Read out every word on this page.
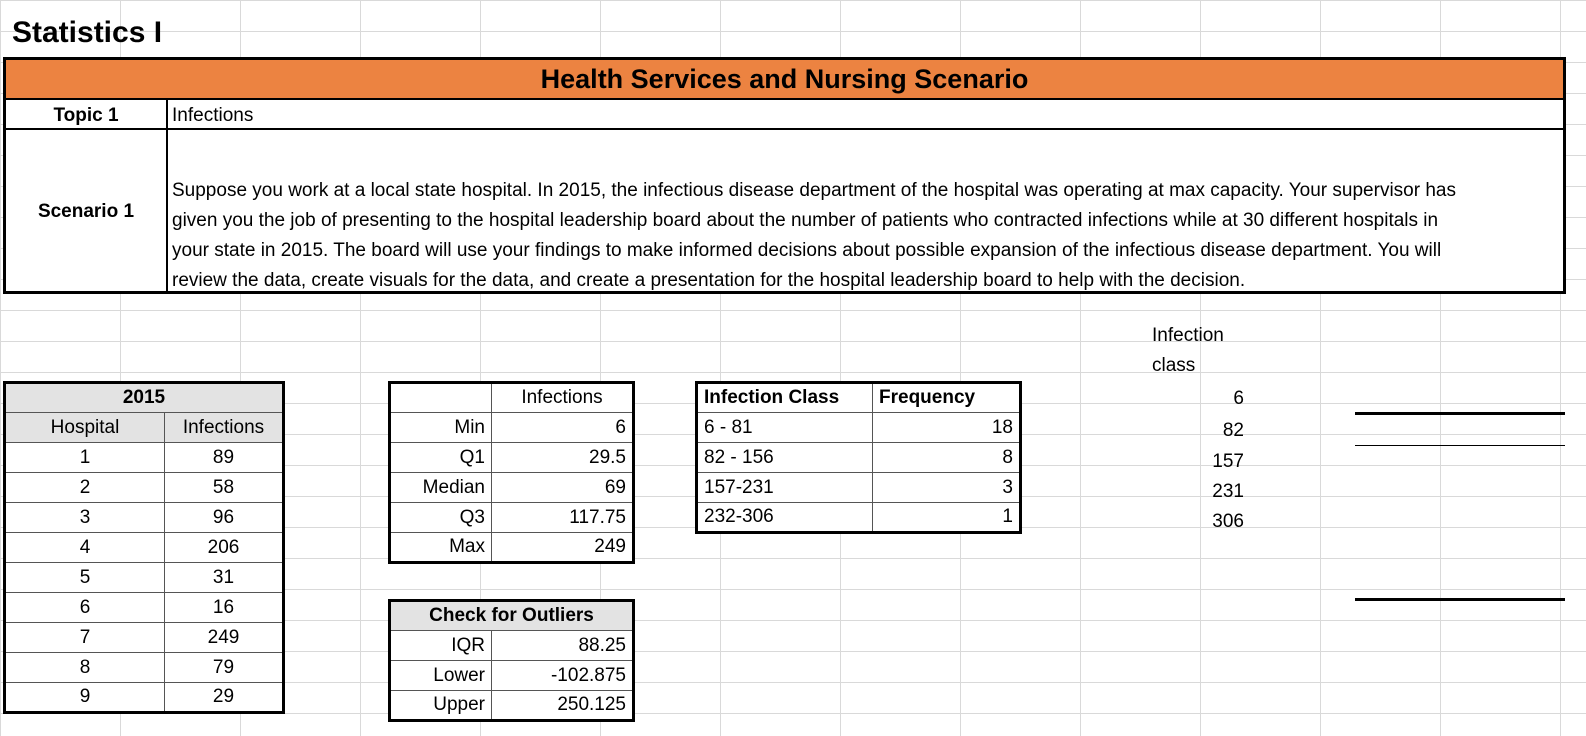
Statistics I
Health Services and Nursing Scenario
Topic 1	Infections
Scenario 1
Suppose you work at a local state hospital. In 2015, the infectious disease department of the hospital was operating at max capacity. Your supervisor has
given you the job of presenting to the hospital leadership board about the number of patients who contracted infections while at 30 different hospitals in
your state in 2015. The board will use your findings to make informed decisions about possible expansion of the infectious disease department. You will
review the data, create visuals for the data, and create a presentation for the hospital leadership board to help with the decision.
2015	
Hospital	Infections
1	89
2	58
3	96
4	206
5	31
6	16
7	249
8	79
9	29
	Infections
Min	6
Q1	29.5
Median	69
Q3	117.75
Max	249
Check for Outliers	
IQR	88.25
Lower	-102.875
Upper	250.125
Infection Class	Frequency
6 - 81	18
82 - 156	8
157-231	3
232-306	1
Infection
class
6
82
157
231
306
